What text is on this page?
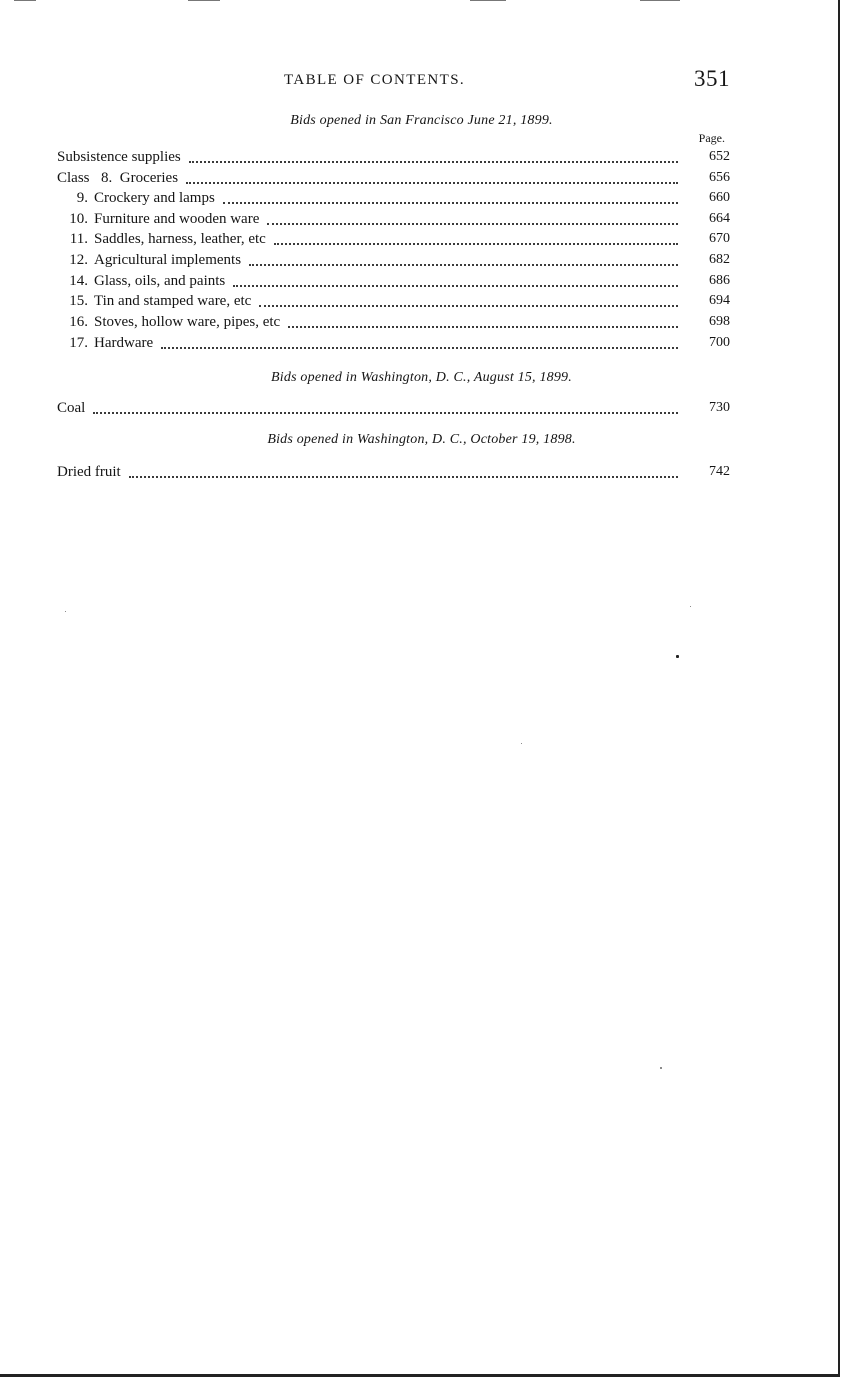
TABLE OF CONTENTS.	351
Bids opened in San Francisco June 21, 1899.
Page.
Subsistence supplies	652
Class 8. Groceries	656
9. Crockery and lamps	660
10. Furniture and wooden ware	664
11. Saddles, harness, leather, etc	670
12. Agricultural implements	682
14. Glass, oils, and paints	686
15. Tin and stamped ware, etc	694
16. Stoves, hollow ware, pipes, etc	698
17. Hardware	700
Bids opened in Washington, D. C., August 15, 1899.
Coal	730
Bids opened in Washington, D. C., October 19, 1898.
Dried fruit	742
